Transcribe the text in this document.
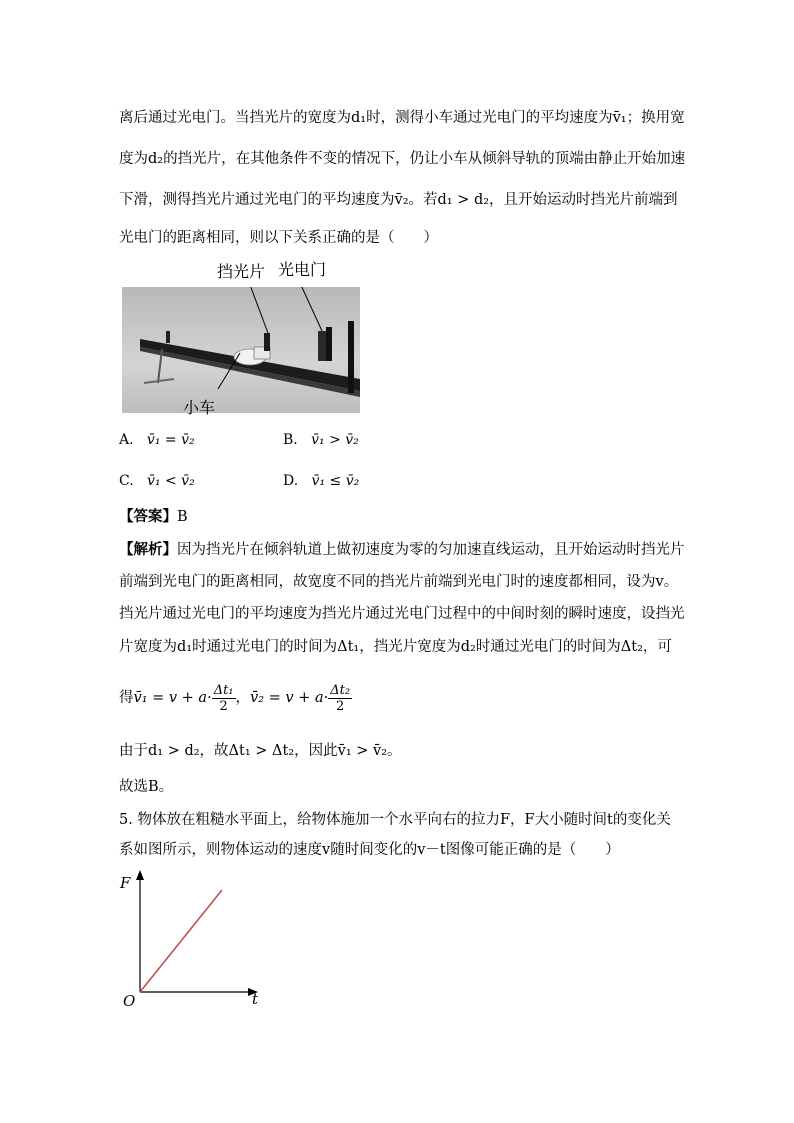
离后通过光电门。当挡光片的宽度为d₁时，测得小车通过光电门的平均速度为v̄₁；换用宽
度为d₂的挡光片，在其他条件不变的情况下，仍让小车从倾斜导轨的顶端由静止开始加速
下滑，测得挡光片通过光电门的平均速度为v̄₂。若d₁ > d₂，且开始运动时挡光片前端到
光电门的距离相同，则以下关系正确的是（　　）
挡光片 光电门
小车
A. v̄₁ = v̄₂	B. v̄₁ > v̄₂
C. v̄₁ < v̄₂	D. v̄₁ ≤ v̄₂
【答案】B
【解析】因为挡光片在倾斜轨道上做初速度为零的匀加速直线运动，且开始运动时挡光片
前端到光电门的距离相同，故宽度不同的挡光片前端到光电门时的速度都相同，设为v。
挡光片通过光电门的平均速度为挡光片通过光电门过程中的中间时刻的瞬时速度，设挡光
片宽度为d₁时通过光电门的时间为Δt₁，挡光片宽度为d₂时通过光电门的时间为Δt₂，可
得v̄₁ = $v + a\cdot \frac{\text{Δt₁}}{2}$ ，v̄₂ = $v + a\cdot \frac{\text{Δt₂}}{2}$
由于d₁ > d₂，故Δt₁ > Δt₂，因此v̄₁ > v̄₂。
故选B。
5. 物体放在粗糙水平面上，给物体施加一个水平向右的拉力F，F大小随时间t的变化关
系如图所示，则物体运动的速度v随时间变化的v－t图像可能正确的是（　　）
F
t
O
